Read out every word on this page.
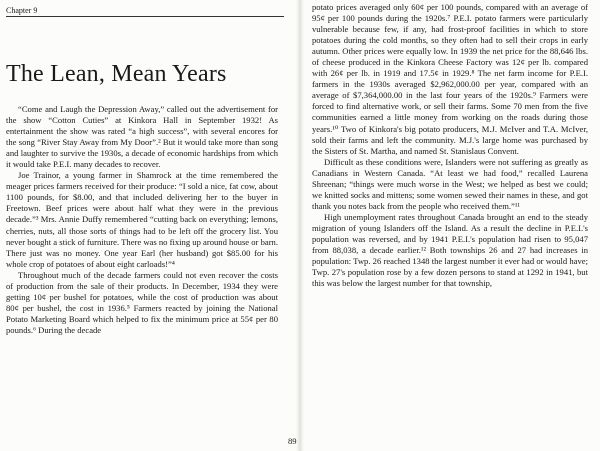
Chapter 9
The Lean, Mean Years

“Come and Laugh the Depression Away,” called out the advertisement for the show “Cotton Cuties” at Kinkora Hall in September 1932! As entertainment the show was rated “a high success”, with several encores for the song “River Stay Away from My Door”.² But it would take more than song and laughter to survive the 1930s, a decade of economic hardships from which it would take P.E.I. many decades to recover.

Joe Trainor, a young farmer in Shamrock at the time remembered the meager prices farmers received for their produce: “I sold a nice, fat cow, about 1100 pounds, for $8.00, and that included delivering her to the buyer in Freetown. Beef prices were about half what they were in the previous decade.”³ Mrs. Annie Duffy remembered “cutting back on everything; lemons, cherries, nuts, all those sorts of things had to be left off the grocery list. You never bought a stick of furniture. There was no fixing up around house or barn. There just was no money. One year Earl (her husband) got $85.00 for his whole crop of potatoes of about eight carloads!”⁴

Throughout much of the decade farmers could not even recover the costs of production from the sale of their products. In December, 1934 they were getting 10¢ per bushel for potatoes, while the cost of production was about 80¢ per bushel, the cost in 1936.⁵ Farmers reacted by joining the National Potato Marketing Board which helped to fix the minimum price at 55¢ per 80 pounds.⁶ During the decade

potato prices averaged only 60¢ per 100 pounds, compared with an average of 95¢ per 100 pounds during the 1920s.⁷ P.E.I. potato farmers were particularly vulnerable because few, if any, had frost-proof facilities in which to store potatoes during the cold months, so they often had to sell their crops in early autumn. Other prices were equally low. In 1939 the net price for the 88,646 lbs. of cheese produced in the Kinkora Cheese Factory was 12¢ per lb. compared with 26¢ per lb. in 1919 and 17.5¢ in 1929.⁸ The net farm income for P.E.I. farmers in the 1930s averaged $2,962,000.00 per year, compared with an average of $7,364,000.00 in the last four years of the 1920s.⁹ Farmers were forced to find alternative work, or sell their farms. Some 70 men from the five communities earned a little money from working on the roads during those years.¹⁰ Two of Kinkora's big potato producers, M.J. McIver and T.A. McIver, sold their farms and left the community. M.J.'s large home was purchased by the Sisters of St. Martha, and named St. Stanislaus Convent.

Difficult as these conditions were, Islanders were not suffering as greatly as Canadians in Western Canada. “At least we had food,” recalled Laurena Shreenan; “things were much worse in the West; we helped as best we could; we knitted socks and mittens; some women sewed their names in these, and got thank you notes back from the people who received them.”¹¹

High unemployment rates throughout Canada brought an end to the steady migration of young Islanders off the Island. As a result the decline in P.E.I.'s population was reversed, and by 1941 P.E.I.'s population had risen to 95,047 from 88,038, a decade earlier.¹² Both townships 26 and 27 had increases in population: Twp. 26 reached 1348 the largest number it ever had or would have; Twp. 27's population rose by a few dozen persons to stand at 1292 in 1941, but this was below the largest number for that township,

89
